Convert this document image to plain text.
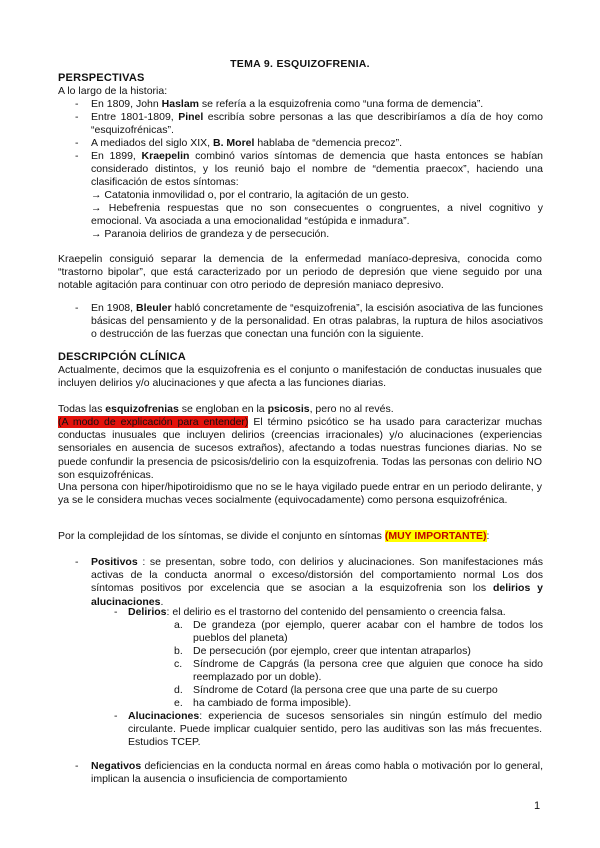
TEMA 9. ESQUIZOFRENIA.
PERSPECTIVAS
A lo largo de la historia:
- En 1809, John Haslam se refería a la esquizofrenia como “una forma de demencia”.
- Entre 1801-1809, Pinel escribía sobre personas a las que describiríamos a día de hoy como “esquizofrénicas”.
- A mediados del siglo XIX, B. Morel hablaba de “demencia precoz”.
- En 1899, Kraepelin combinó varios síntomas de demencia que hasta entonces se habían considerado distintos, y los reunió bajo el nombre de “dementia praecox”, haciendo una clasificación de estos síntomas:
→ Catatonia inmovilidad o, por el contrario, la agitación de un gesto.
→ Hebefrenia respuestas que no son consecuentes o congruentes, a nivel cognitivo y emocional. Va asociada a una emocionalidad “estúpida e inmadura”.
→ Paranoia delirios de grandeza y de persecución.
Kraepelin consiguió separar la demencia de la enfermedad maníaco-depresiva, conocida como “trastorno bipolar”, que está caracterizado por un periodo de depresión que viene seguido por una notable agitación para continuar con otro periodo de depresión maniaco depresivo.
- En 1908, Bleuler habló concretamente de “esquizofrenia”, la escisión asociativa de las funciones básicas del pensamiento y de la personalidad. En otras palabras, la ruptura de hilos asociativos o destrucción de las fuerzas que conectan una función con la siguiente.
DESCRIPCIÓN CLÍNICA
Actualmente, decimos que la esquizofrenia es el conjunto o manifestación de conductas inusuales que incluyen delirios y/o alucinaciones y que afecta a las funciones diarias.
Todas las esquizofrenias se engloban en la psicosis, pero no al revés.
(A modo de explicación para entender) El término psicótico se ha usado para caracterizar muchas conductas inusuales que incluyen delirios (creencias irracionales) y/o alucinaciones (experiencias sensoriales en ausencia de sucesos extraños), afectando a todas nuestras funciones diarias. No se puede confundir la presencia de psicosis/delirio con la esquizofrenia. Todas las personas con delirio NO son esquizofrénicas.
Una persona con hiper/hipotiroidismo que no se le haya vigilado puede entrar en un periodo delirante, y ya se le considera muchas veces socialmente (equivocadamente) como persona esquizofrénica.
Por la complejidad de los síntomas, se divide el conjunto en síntomas (MUY IMPORTANTE):
- Positivos : se presentan, sobre todo, con delirios y alucinaciones. Son manifestaciones más activas de la conducta anormal o exceso/distorsión del comportamiento normal Los dos síntomas positivos por excelencia que se asocian a la esquizofrenia son los delirios y alucinaciones.
- Delirios: el delirio es el trastorno del contenido del pensamiento o creencia falsa.
a. De grandeza (por ejemplo, querer acabar con el hambre de todos los pueblos del planeta)
b. De persecución (por ejemplo, creer que intentan atraparlos)
c. Síndrome de Capgrás (la persona cree que alguien que conoce ha sido reemplazado por un doble).
d. Síndrome de Cotard (la persona cree que una parte de su cuerpo
e. ha cambiado de forma imposible).
- Alucinaciones: experiencia de sucesos sensoriales sin ningún estímulo del medio circulante. Puede implicar cualquier sentido, pero las auditivas son las más frecuentes. Estudios TCEP.
- Negativos deficiencias en la conducta normal en áreas como habla o motivación por lo general, implican la ausencia o insuficiencia de comportamiento
1
